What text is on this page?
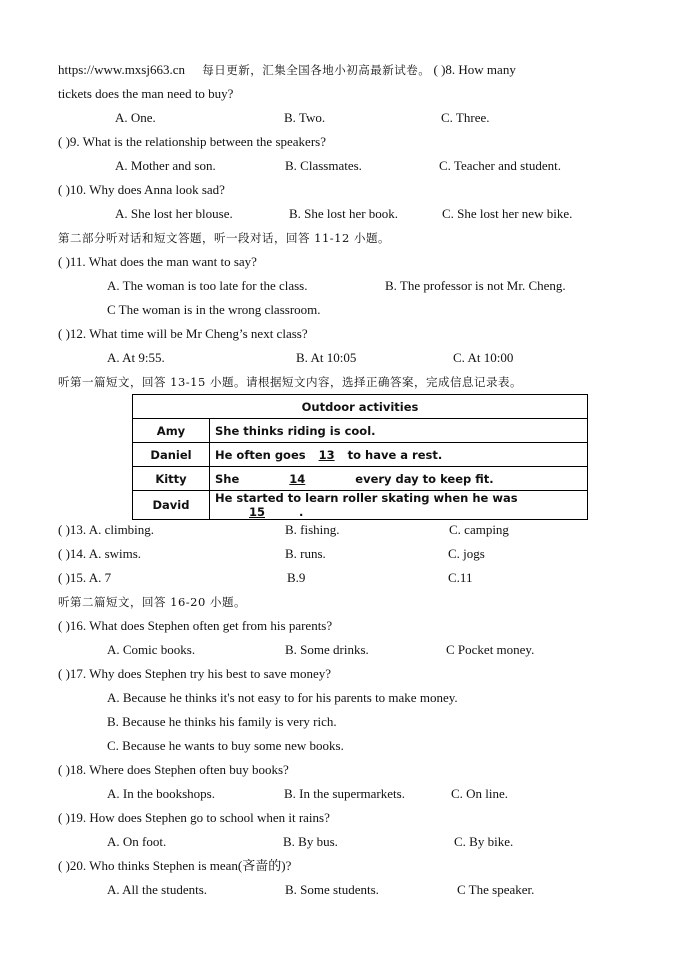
https://www.mxsj663.cn 每日更新，汇集全国各地小初高最新试卷。 ( )8. How many
tickets does the man need to buy?
A. One.	B. Two.	C. Three.
( )9. What is the relationship between the speakers?
A. Mother and son.	B. Classmates.	C. Teacher and student.
( )10. Why does Anna look sad?
A. She lost her blouse.	B. She lost her book.	C. She lost her new bike.
第二部分听对话和短文答题，听一段对话，回答 11-12 小题。
( )11. What does the man want to say?
A. The woman is too late for the class.	B. The professor is not Mr. Cheng.
C The woman is in the wrong classroom.
( )12. What time will be Mr Cheng’s next class?
A. At 9:55.	B. At 10:05	C. At 10:00
听第一篇短文，回答 13-15 小题。请根据短文内容，选择正确答案，完成信息记录表。
Outdoor activities	
Amy	She thinks riding is cool.
Daniel	He often goes 13 to have a rest.
Kitty	She 14 every day to keep fit.
David	He started to learn roller skating when he was15 .
( )13. A. climbing.	B. fishing.	C. camping
( )14. A. swims.	B. runs.	C. jogs
( )15. A. 7	B.9	C.11
听第二篇短文，回答 16-20 小题。
( )16. What does Stephen often get from his parents?
A. Comic books.	B. Some drinks.	C Pocket money.
( )17. Why does Stephen try his best to save money?
A. Because he thinks it's not easy to for his parents to make money.
B. Because he thinks his family is very rich.
C. Because he wants to buy some new books.
( )18. Where does Stephen often buy books?
A. In the bookshops.	B. In the supermarkets.	C. On line.
( )19. How does Stephen go to school when it rains?
A. On foot.	B. By bus.	C. By bike.
( )20. Who thinks Stephen is mean(吝啬的)?
A. All the students.	B. Some students.	C The speaker.
